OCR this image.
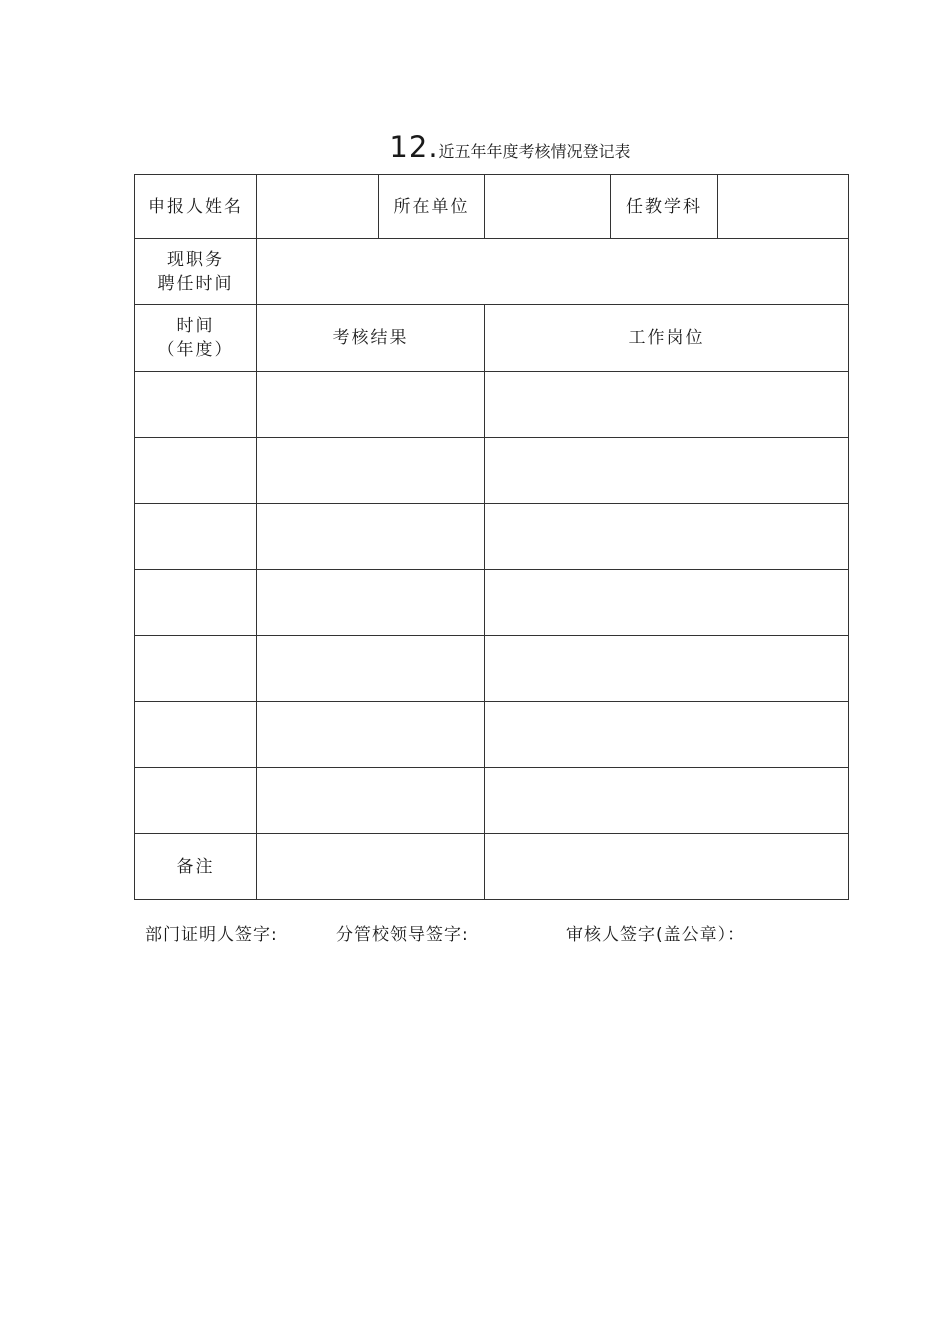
12.近五年年度考核情况登记表
申报人姓名		所在单位		任教学科	

现职务
聘任时间					

时间
（年度）	考核结果		工作岗位		

备注					
部门证明人签字:	分管校领导签字:	审核人签字(盖公章）：
